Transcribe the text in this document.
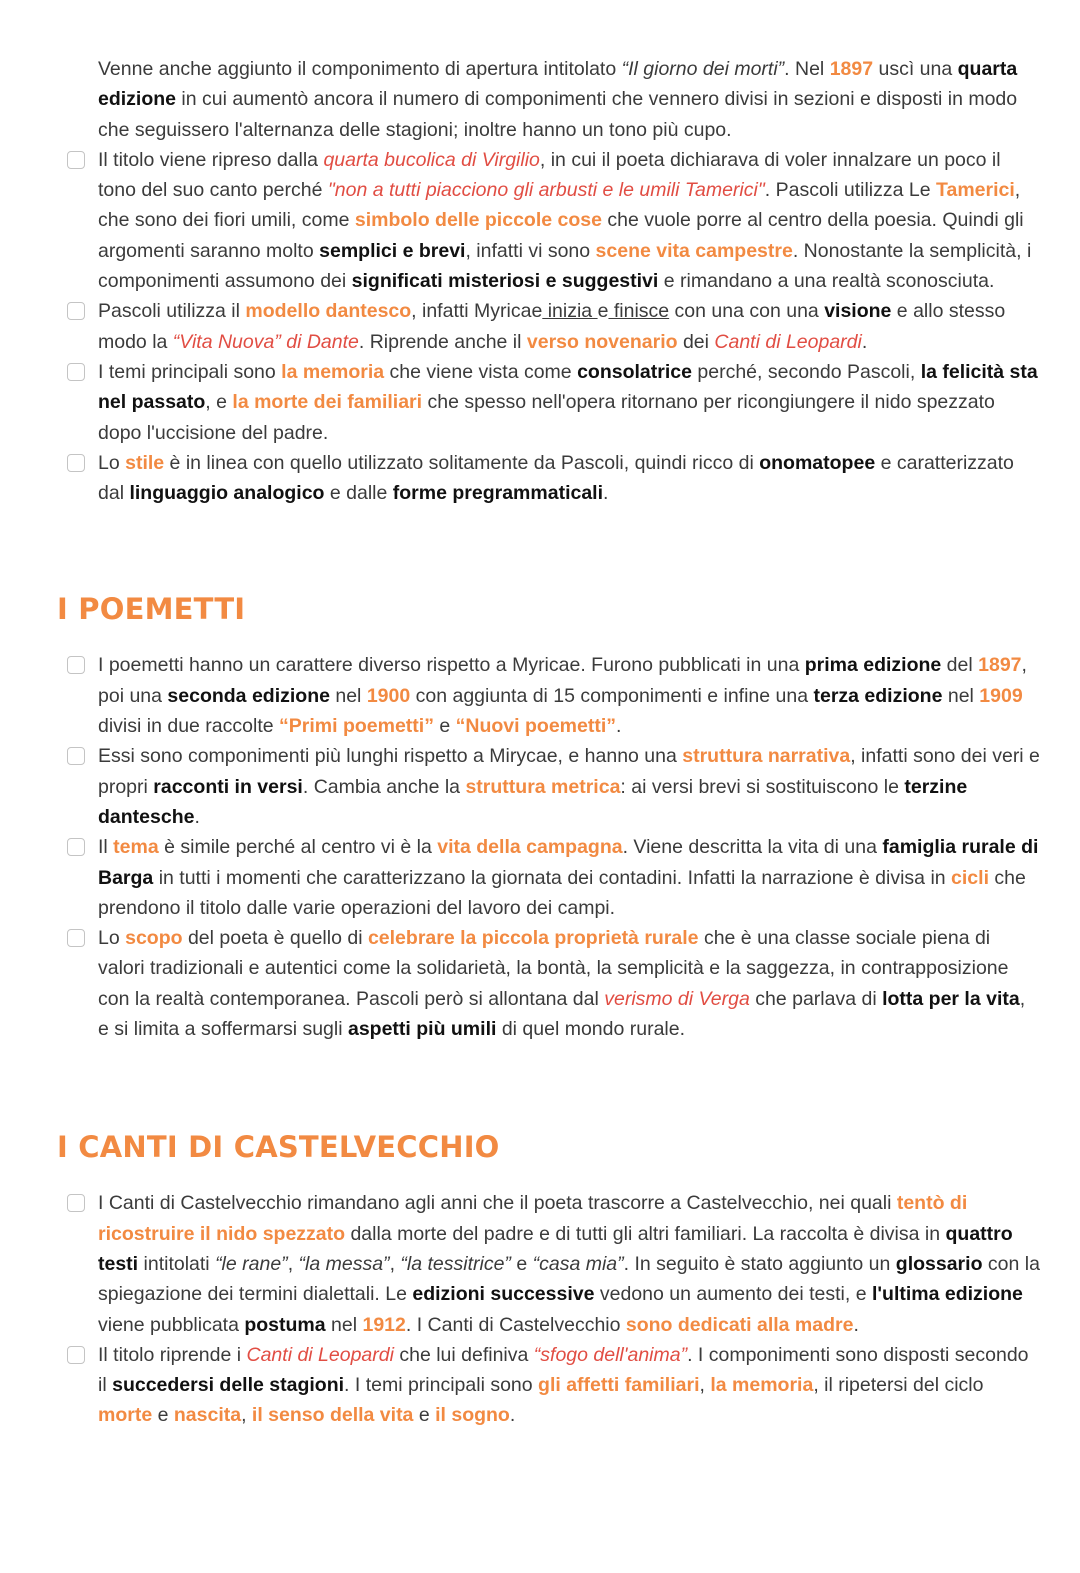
Venne anche aggiunto il componimento di apertura intitolato “Il giorno dei morti”. Nel 1897 uscì una quarta edizione in cui aumentò ancora il numero di componimenti che vennero divisi in sezioni e disposti in modo che seguissero l'alternanza delle stagioni; inoltre hanno un tono più cupo.

Il titolo viene ripreso dalla quarta bucolica di Virgilio, in cui il poeta dichiarava di voler innalzare un poco il tono del suo canto perché "non a tutti piacciono gli arbusti e le umili Tamerici". Pascoli utilizza Le Tamerici, che sono dei fiori umili, come simbolo delle piccole cose che vuole porre al centro della poesia. Quindi gli argomenti saranno molto semplici e brevi, infatti vi sono scene vita campestre. Nonostante la semplicità, i componimenti assumono dei significati misteriosi e suggestivi e rimandano a una realtà sconosciuta.
Pascoli utilizza il modello dantesco, infatti Myricae inizia e finisce con una con una visione e allo stesso modo la “Vita Nuova” di Dante. Riprende anche il verso novenario dei Canti di Leopardi.
I temi principali sono la memoria che viene vista come consolatrice perché, secondo Pascoli, la felicità sta nel passato, e la morte dei familiari che spesso nell'opera ritornano per ricongiungere il nido spezzato dopo l'uccisione del padre.
Lo stile è in linea con quello utilizzato solitamente da Pascoli, quindi ricco di onomatopee e caratterizzato dal linguaggio analogico e dalle forme pregrammaticali.
I POEMETTI
I poemetti hanno un carattere diverso rispetto a Myricae. Furono pubblicati in una prima edizione del 1897, poi una seconda edizione nel 1900 con aggiunta di 15 componimenti e infine una terza edizione nel 1909 divisi in due raccolte “Primi poemetti” e “Nuovi poemetti”.
Essi sono componimenti più lunghi rispetto a Mirycae, e hanno una struttura narrativa, infatti sono dei veri e propri racconti in versi. Cambia anche la struttura metrica: ai versi brevi si sostituiscono le terzine dantesche.
Il tema è simile perché al centro vi è la vita della campagna. Viene descritta la vita di una famiglia rurale di Barga in tutti i momenti che caratterizzano la giornata dei contadini. Infatti la narrazione è divisa in cicli che prendono il titolo dalle varie operazioni del lavoro dei campi.
Lo scopo del poeta è quello di celebrare la piccola proprietà rurale che è una classe sociale piena di valori tradizionali e autentici come la solidarietà, la bontà, la semplicità e la saggezza, in contrapposizione con la realtà contemporanea. Pascoli però si allontana dal verismo di Verga che parlava di lotta per la vita, e si limita a soffermarsi sugli aspetti più umili di quel mondo rurale.
I CANTI DI CASTELVECCHIO
I Canti di Castelvecchio rimandano agli anni che il poeta trascorre a Castelvecchio, nei quali tentò di ricostruire il nido spezzato dalla morte del padre e di tutti gli altri familiari. La raccolta è divisa in quattro testi intitolati “le rane”, “la messa”, “la tessitrice” e “casa mia”. In seguito è stato aggiunto un glossario con la spiegazione dei termini dialettali. Le edizioni successive vedono un aumento dei testi, e l'ultima edizione viene pubblicata postuma nel 1912. I Canti di Castelvecchio sono dedicati alla madre.
Il titolo riprende i Canti di Leopardi che lui definiva “sfogo dell'anima”. I componimenti sono disposti secondo il succedersi delle stagioni. I temi principali sono gli affetti familiari, la memoria, il ripetersi del ciclo morte e nascita, il senso della vita e il sogno.
